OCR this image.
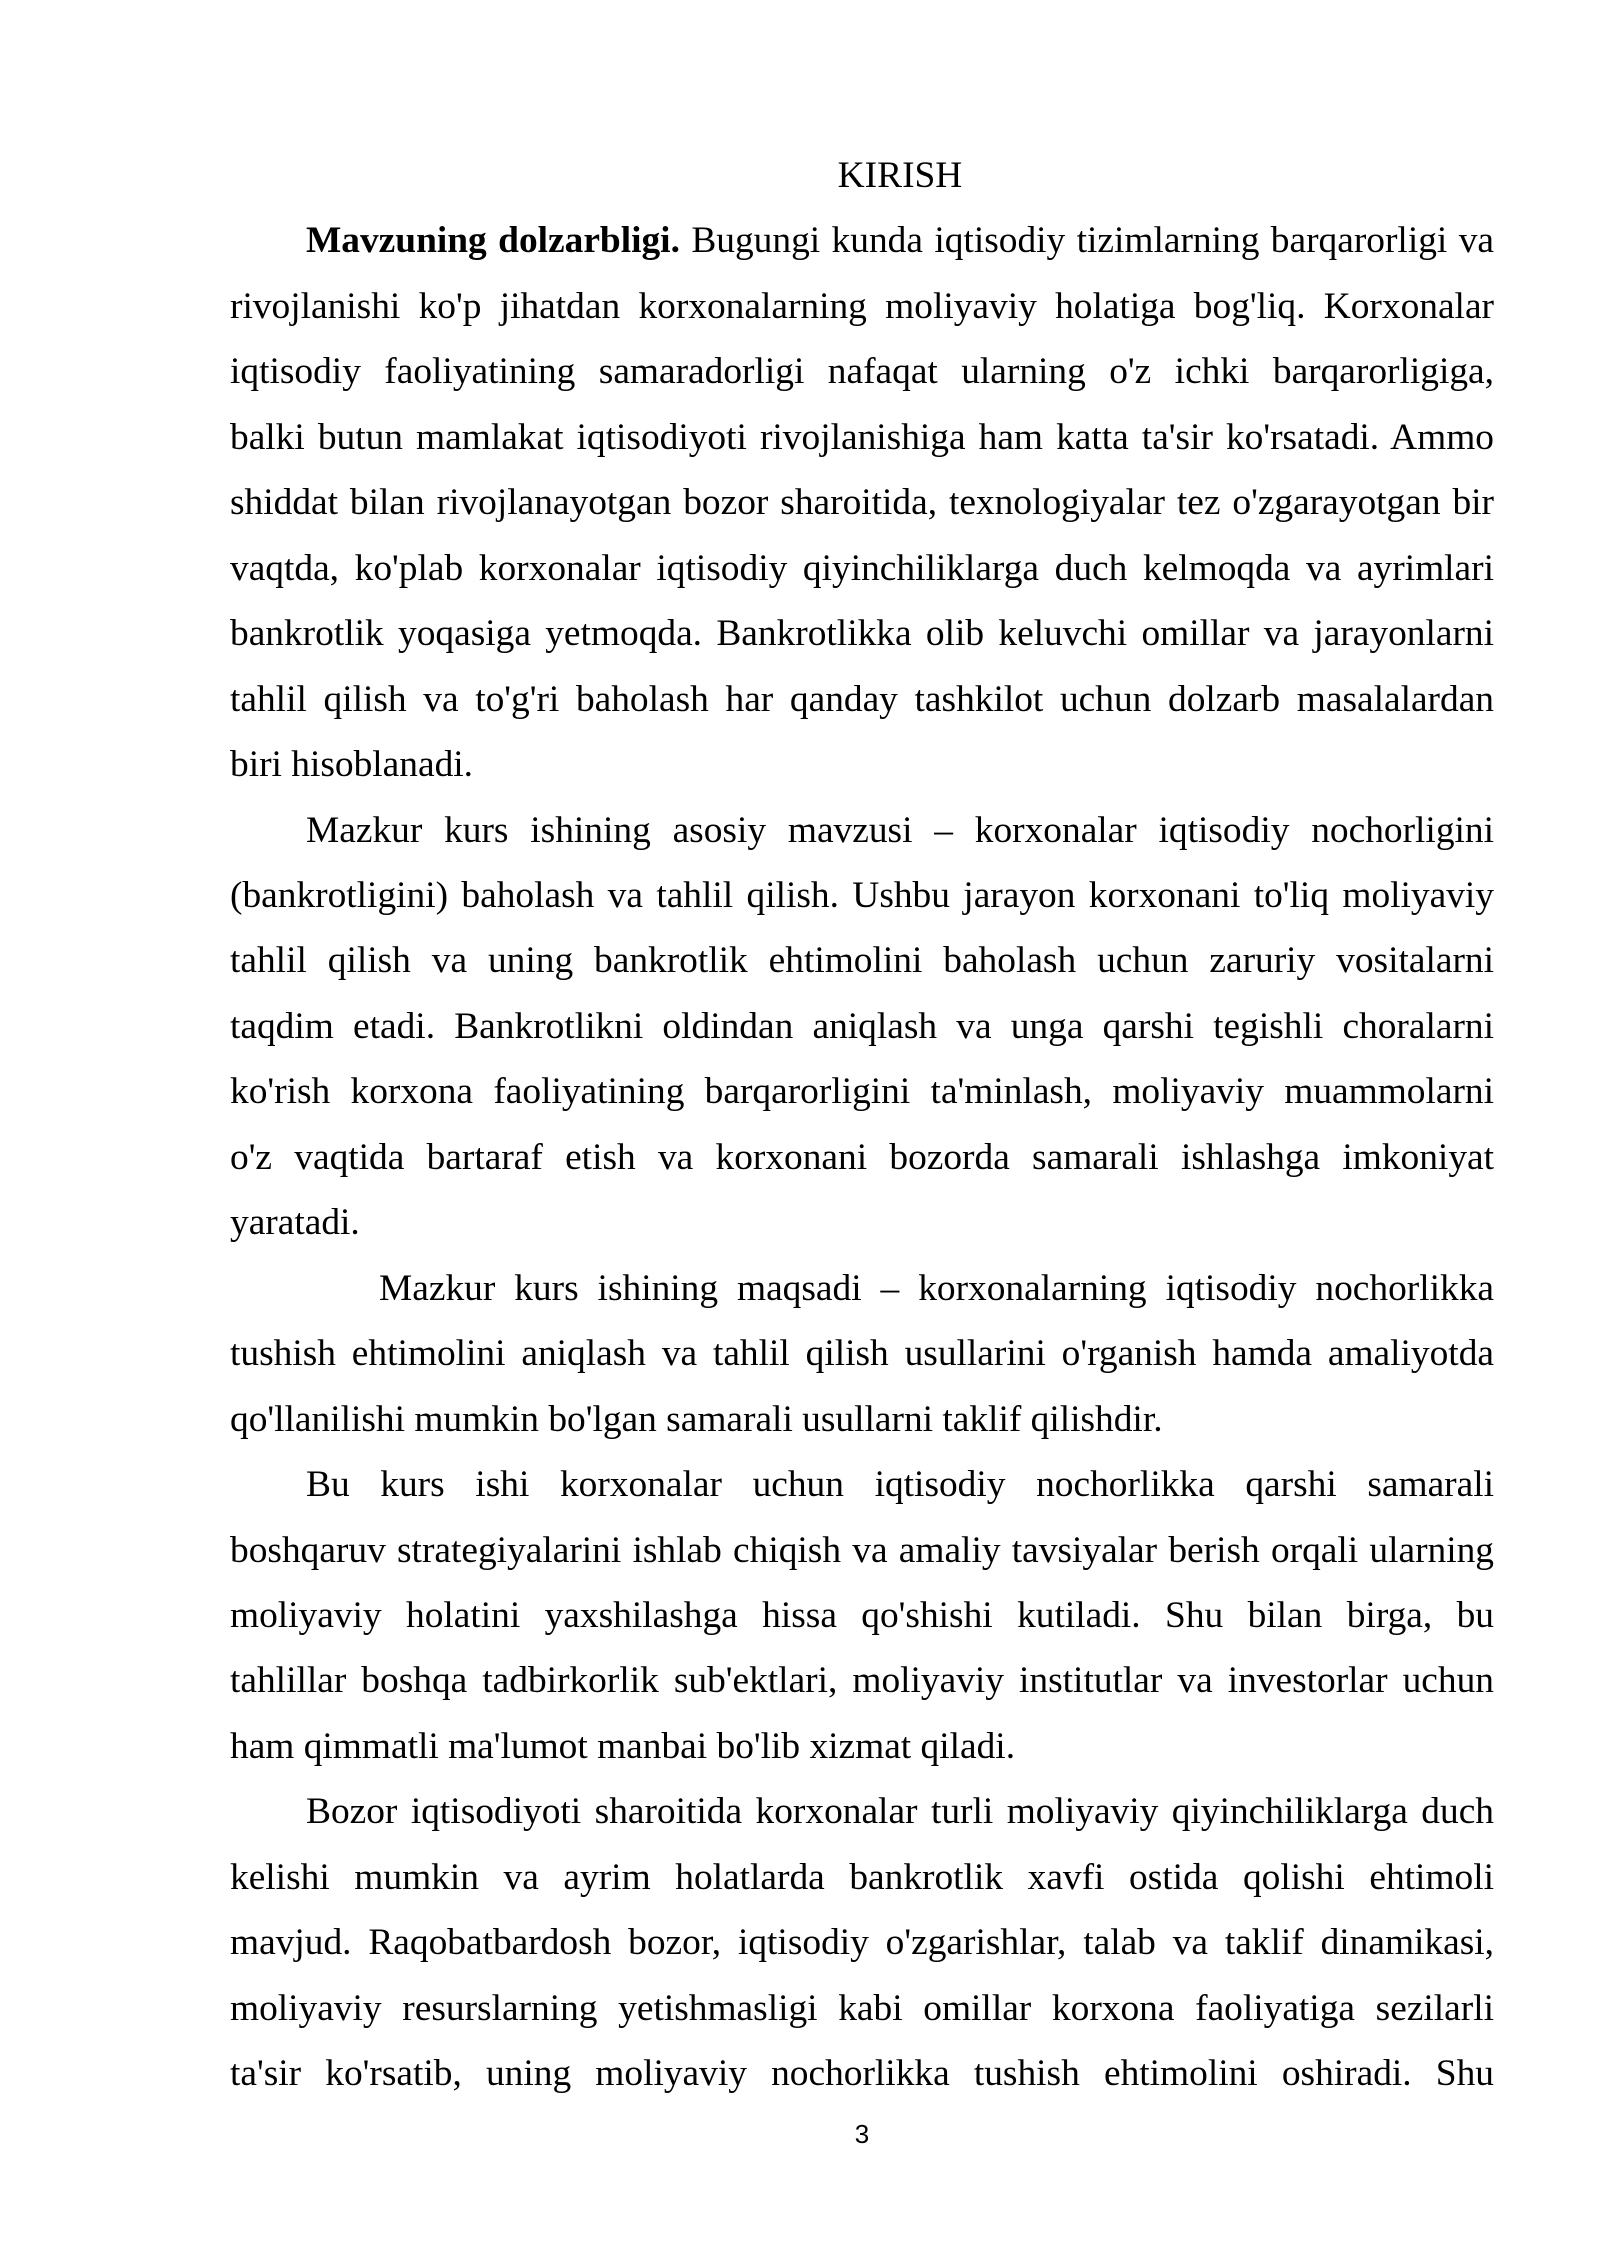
KIRISH
Mavzuning dolzarbligi. Bugungi kunda iqtisodiy tizimlarning barqarorligi va
rivojlanishi ko'p jihatdan korxonalarning moliyaviy holatiga bog'liq. Korxonalar
iqtisodiy faoliyatining samaradorligi nafaqat ularning o'z ichki barqarorligiga,
balki butun mamlakat iqtisodiyoti rivojlanishiga ham katta ta'sir ko'rsatadi. Ammo
shiddat bilan rivojlanayotgan bozor sharoitida, texnologiyalar tez o'zgarayotgan bir
vaqtda, ko'plab korxonalar iqtisodiy qiyinchiliklarga duch kelmoqda va ayrimlari
bankrotlik yoqasiga yetmoqda. Bankrotlikka olib keluvchi omillar va jarayonlarni
tahlil qilish va to'g'ri baholash har qanday tashkilot uchun dolzarb masalalardan
biri hisoblanadi.
Mazkur kurs ishining asosiy mavzusi – korxonalar iqtisodiy nochorligini
(bankrotligini) baholash va tahlil qilish. Ushbu jarayon korxonani to'liq moliyaviy
tahlil qilish va uning bankrotlik ehtimolini baholash uchun zaruriy vositalarni
taqdim etadi. Bankrotlikni oldindan aniqlash va unga qarshi tegishli choralarni
ko'rish korxona faoliyatining barqarorligini ta'minlash, moliyaviy muammolarni
o'z vaqtida bartaraf etish va korxonani bozorda samarali ishlashga imkoniyat
yaratadi.
Mazkur kurs ishining maqsadi – korxonalarning iqtisodiy nochorlikka
tushish ehtimolini aniqlash va tahlil qilish usullarini o'rganish hamda amaliyotda
qo'llanilishi mumkin bo'lgan samarali usullarni taklif qilishdir.
Bu kurs ishi korxonalar uchun iqtisodiy nochorlikka qarshi samarali
boshqaruv strategiyalarini ishlab chiqish va amaliy tavsiyalar berish orqali ularning
moliyaviy holatini yaxshilashga hissa qo'shishi kutiladi. Shu bilan birga, bu
tahlillar boshqa tadbirkorlik sub'ektlari, moliyaviy institutlar va investorlar uchun
ham qimmatli ma'lumot manbai bo'lib xizmat qiladi.
Bozor iqtisodiyoti sharoitida korxonalar turli moliyaviy qiyinchiliklarga duch
kelishi mumkin va ayrim holatlarda bankrotlik xavfi ostida qolishi ehtimoli
mavjud. Raqobatbardosh bozor, iqtisodiy o'zgarishlar, talab va taklif dinamikasi,
moliyaviy resurslarning yetishmasligi kabi omillar korxona faoliyatiga sezilarli
ta'sir ko'rsatib, uning moliyaviy nochorlikka tushish ehtimolini oshiradi. Shu
3
